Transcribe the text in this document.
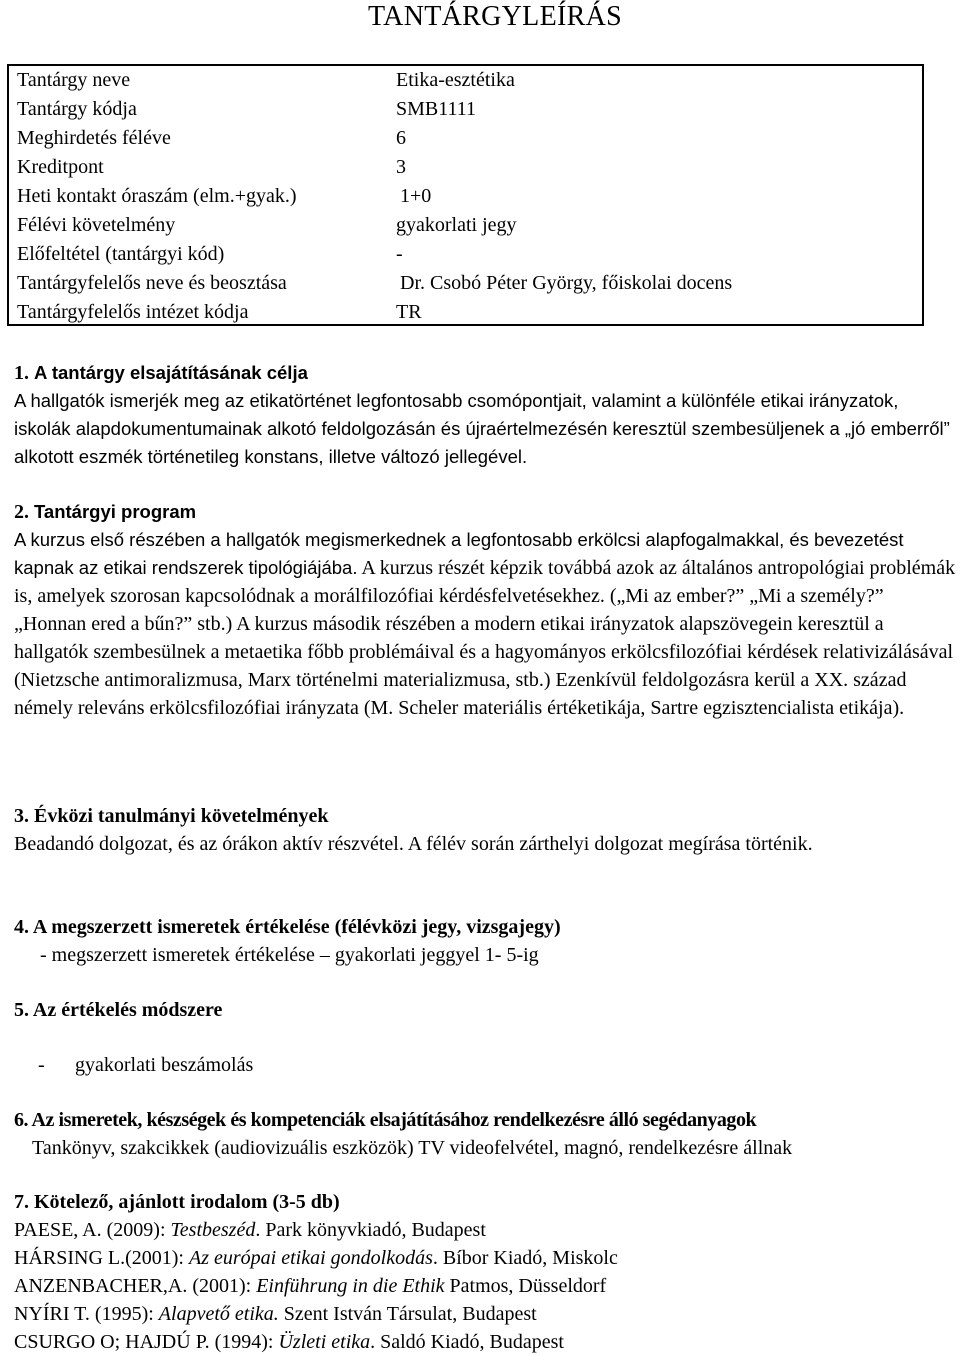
TANTÁRGYLEÍRÁS
Tantárgy neve	Etika-esztétika
Tantárgy kódja	SMB1111
Meghirdetés féléve	6
Kreditpont	3
Heti kontakt óraszám (elm.+gyak.)	1+0
Félévi követelmény	gyakorlati jegy
Előfeltétel (tantárgyi kód)	-
Tantárgyfelelős neve és beosztása	Dr. Csobó Péter György, főiskolai docens
Tantárgyfelelős intézet kódja	TR
1. A tantárgy elsajátításának célja

A hallgatók ismerjék meg az etikatörténet legfontosabb csomópontjait, valamint a különféle etikai irányzatok, iskolák alapdokumentumainak alkotó feldolgozásán és újraértelmezésén keresztül szembesüljenek a „jó emberről” alkotott eszmék történetileg konstans, illetve változó jellegével.

2. Tantárgyi program

A kurzus első részében a hallgatók megismerkednek a legfontosabb erkölcsi alapfogalmakkal, és bevezetést kapnak az etikai rendszerek tipológiájába. A kurzus részét képzik továbbá azok az általános antropológiai problémák is, amelyek szorosan kapcsolódnak a morálfilozófiai kérdésfelvetésekhez. („Mi az ember?” „Mi a személy?” „Honnan ered a bűn?” stb.) A kurzus második részében a modern etikai irányzatok alapszövegein keresztül a hallgatók szembesülnek a metaetika főbb problémáival és a hagyományos erkölcsfilozófiai kérdések relativizálásával (Nietzsche antimoralizmusa, Marx történelmi materializmusa, stb.) Ezenkívül feldolgozásra kerül a XX. század némely releváns erkölcsfilozófiai irányzata (M. Scheler materiális értéketikája, Sartre egzisztencialista etikája).

3. Évközi tanulmányi követelmények

Beadandó dolgozat, és az órákon aktív részvétel. A félév során zárthelyi dolgozat megírása történik.

4. A megszerzett ismeretek értékelése (félévközi jegy, vizsgajegy)

- megszerzett ismeretek értékelése – gyakorlati jeggyel 1- 5-ig

5. Az értékelés módszere

- gyakorlati beszámolás

6. Az ismeretek, készségek és kompetenciák elsajátításához rendelkezésre álló segédanyagok

Tankönyv, szakcikkek (audiovizuális eszközök) TV videofelvétel, magnó, rendelkezésre állnak

7. Kötelező, ajánlott irodalom (3-5 db)
PAESE, A. (2009): Testbeszéd. Park könyvkiadó, Budapest
HÁRSING L.(2001): Az európai etikai gondolkodás. Bíbor Kiadó, Miskolc
ANZENBACHER,A. (2001): Einführung in die Ethik Patmos, Düsseldorf
NYÍRI T. (1995): Alapvető etika. Szent István Társulat, Budapest
CSURGO O; HAJDÚ P. (1994): Üzleti etika. Saldó Kiadó, Budapest
